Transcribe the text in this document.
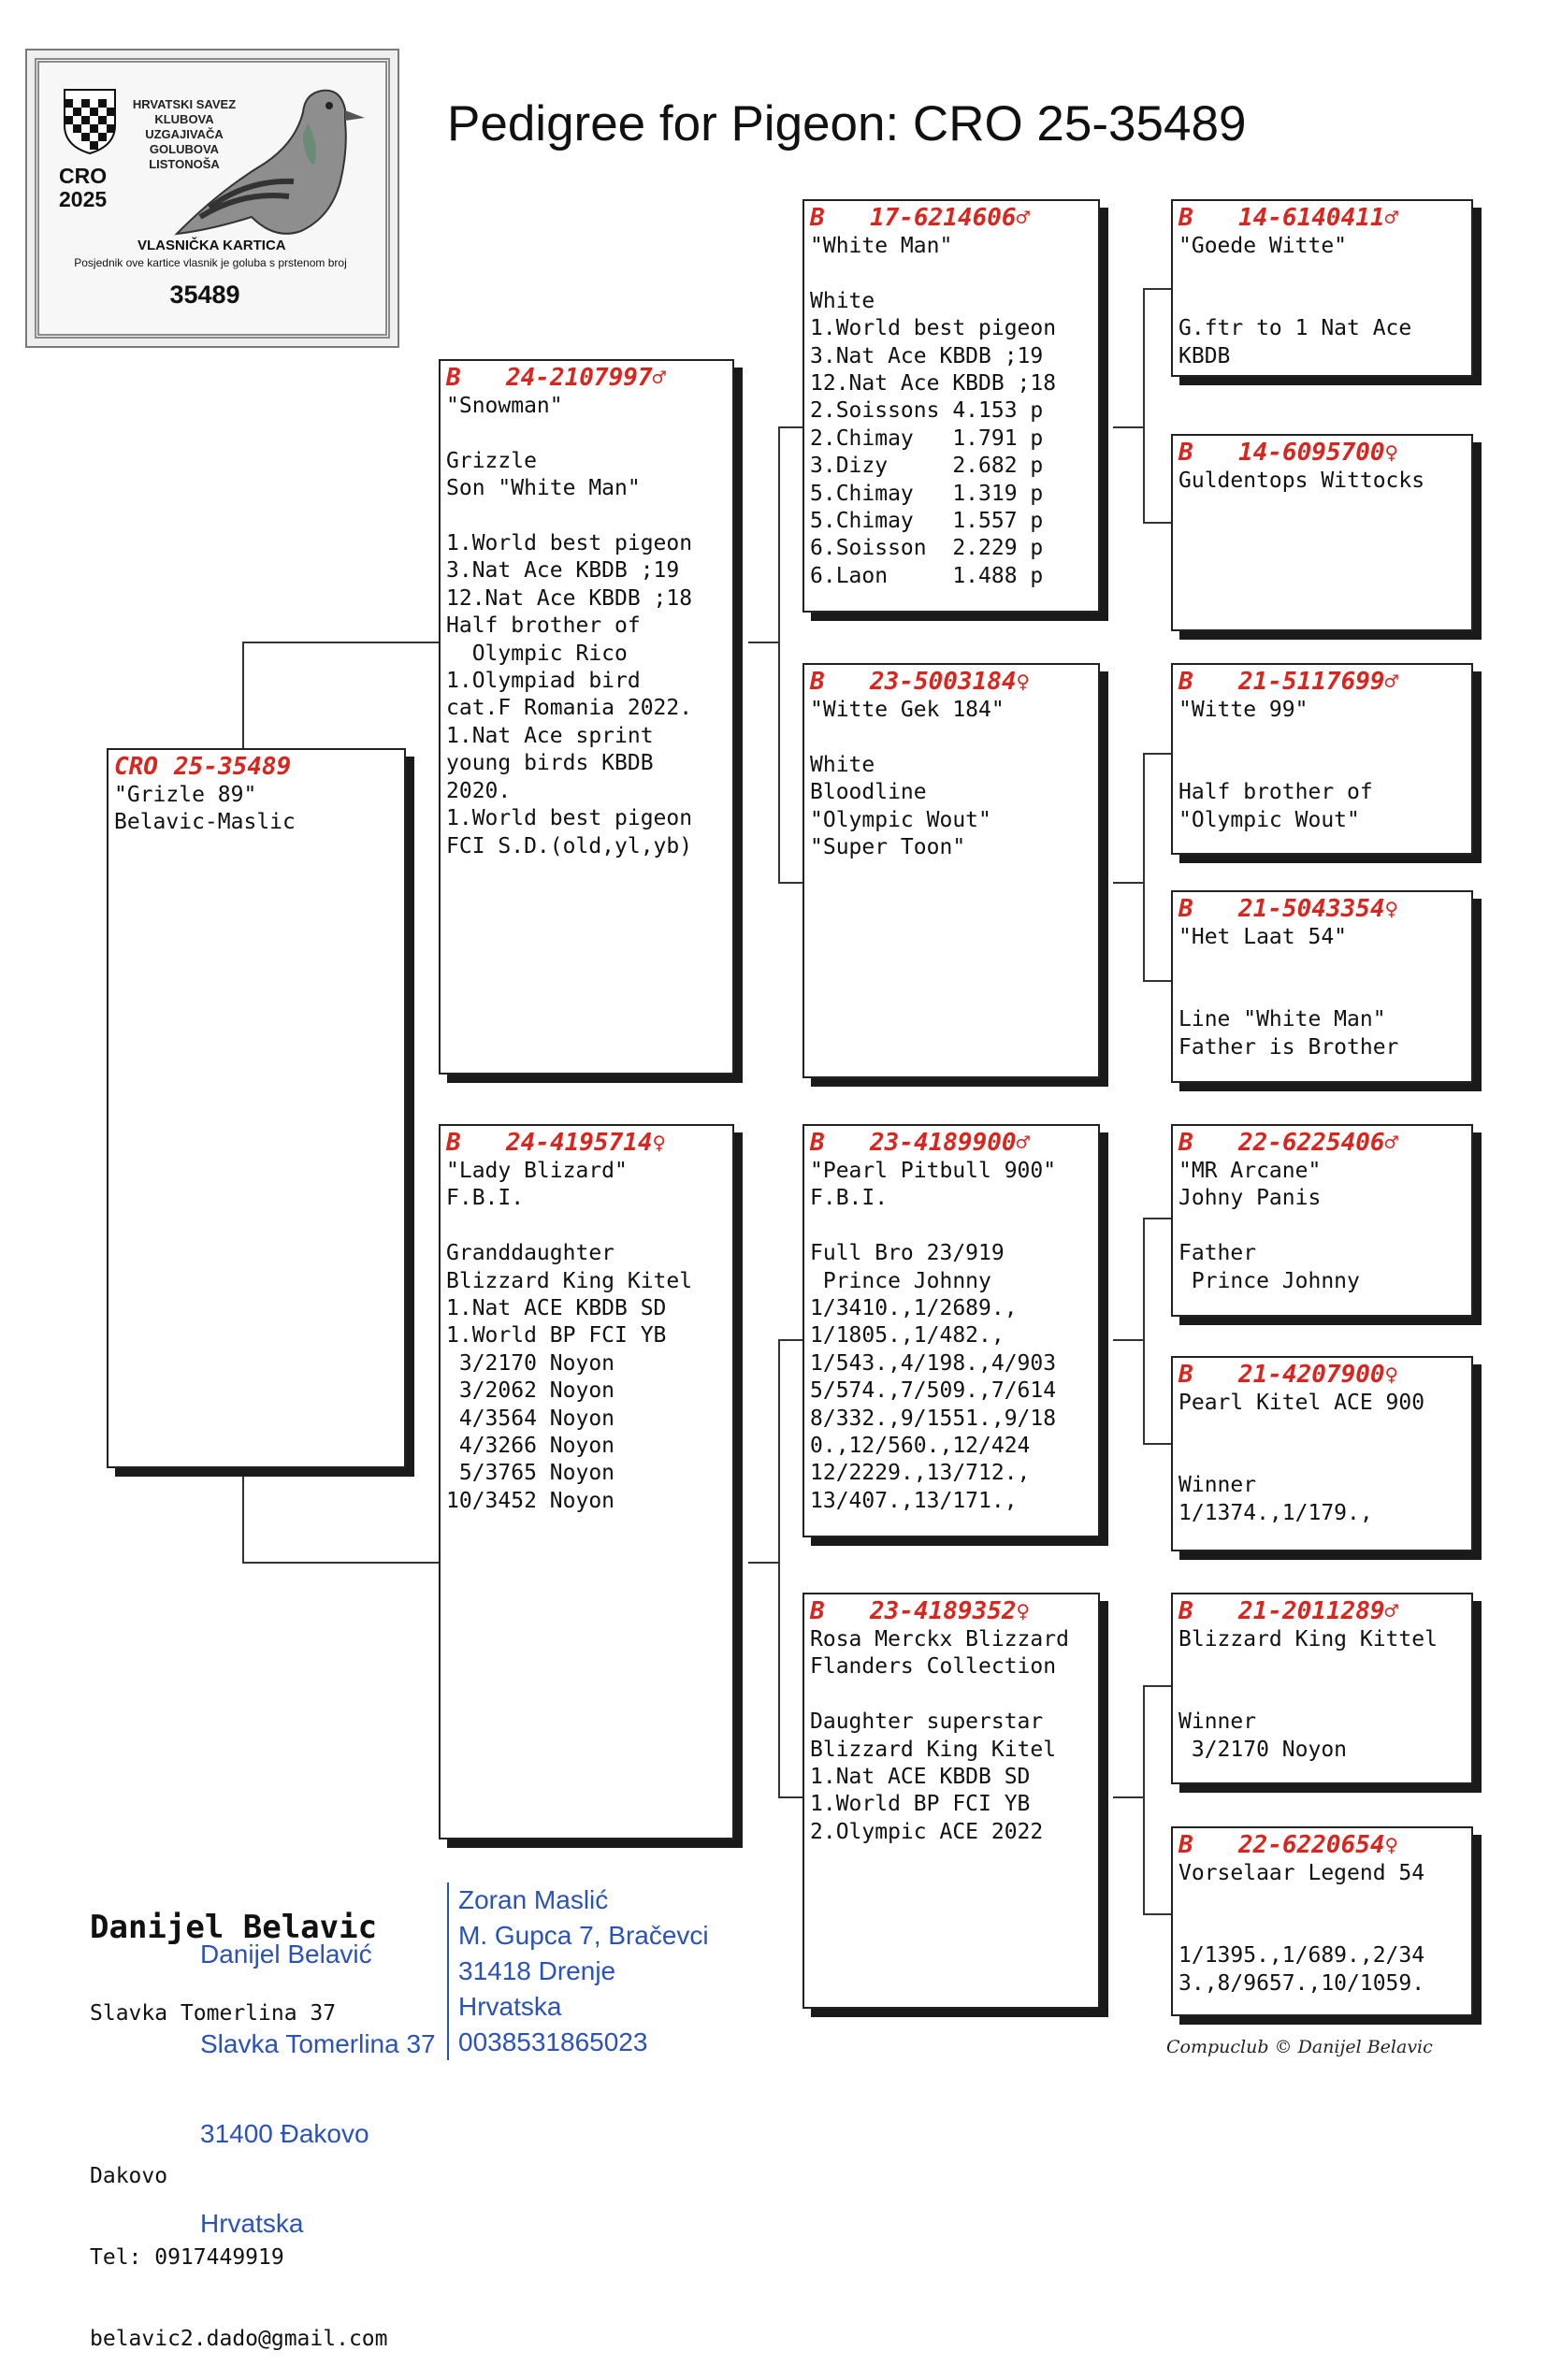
HRVATSKI SAVEZ
KLUBOVA UZGAJIVAČA
GOLUBOVA LISTONOŠA
CRO
2025
VLASNIČKA KARTICA
Posjednik ove kartice vlasnik je goluba s prstenom broj
35489
Pedigree for Pigeon: CRO 25-35489
CRO 25-35489
"Grizle 89"
Belavic-Maslic
B 24-2107997♂
"Snowman"

Grizzle
Son "White Man"

1.World best pigeon
3.Nat Ace KBDB ;19
12.Nat Ace KBDB ;18
Half brother of
Olympic Rico
1.Olympiad bird
cat.F Romania 2022.
1.Nat Ace sprint
young birds KBDB
2020.
1.World best pigeon
FCI S.D.(old,yl,yb)
B 24-4195714♀
"Lady Blizard"
F.B.I.

Granddaughter
Blizzard King Kitel
1.Nat ACE KBDB SD
1.World BP FCI YB
3/2170 Noyon
3/2062 Noyon
4/3564 Noyon
4/3266 Noyon
5/3765 Noyon
10/3452 Noyon
B 17-6214606♂
"White Man"

White
1.World best pigeon
3.Nat Ace KBDB ;19
12.Nat Ace KBDB ;18
2.Soissons 4.153 p
2.Chimay   1.791 p
3.Dizy     2.682 p
5.Chimay   1.319 p
5.Chimay   1.557 p
6.Soisson  2.229 p
6.Laon     1.488 p
B 23-5003184♀
"Witte Gek 184"

White
Bloodline
"Olympic Wout"
"Super Toon"
B 23-4189900♂
"Pearl Pitbull 900"
F.B.I.

Full Bro 23/919
Prince Johnny
1/3410.,1/2689.,
1/1805.,1/482.,
1/543.,4/198.,4/903
5/574.,7/509.,7/614
8/332.,9/1551.,9/18
0.,12/560.,12/424
12/2229.,13/712.,
13/407.,13/171.,
B 23-4189352♀
Rosa Merckx Blizzard
Flanders Collection

Daughter superstar
Blizzard King Kitel
1.Nat ACE KBDB SD
1.World BP FCI YB
2.Olympic ACE 2022
B 14-6140411♂
"Goede Witte"

G.ftr to 1 Nat Ace
KBDB
B 14-6095700♀
Guldentops Wittocks
B 21-5117699♂
"Witte 99"

Half brother of
"Olympic Wout"
B 21-5043354♀
"Het Laat 54"

Line "White Man"
Father is Brother
B 22-6225406♂
"MR Arcane"
Johny Panis

Father
Prince Johnny
B 21-4207900♀
Pearl Kitel ACE 900

Winner
1/1374.,1/179.,
B 21-2011289♂
Blizzard King Kittel

Winner
3/2170 Noyon
B 22-6220654♀
Vorselaar Legend 54

1/1395.,1/689.,2/34
3.,8/9657.,10/1059.

Danijel Belavic

Slavka Tomerlina 37

Dakovo

Tel: 0917449919

belavic2.dado@gmail.com

Danijel Belavić

Slavka Tomerlina 37

31400 Đakovo

Hrvatska

Zoran Maslić
M. Gupca 7, Bračevci
31418 Drenje
Hrvatska
0038531865023	Compuclub © Danijel Belavic
